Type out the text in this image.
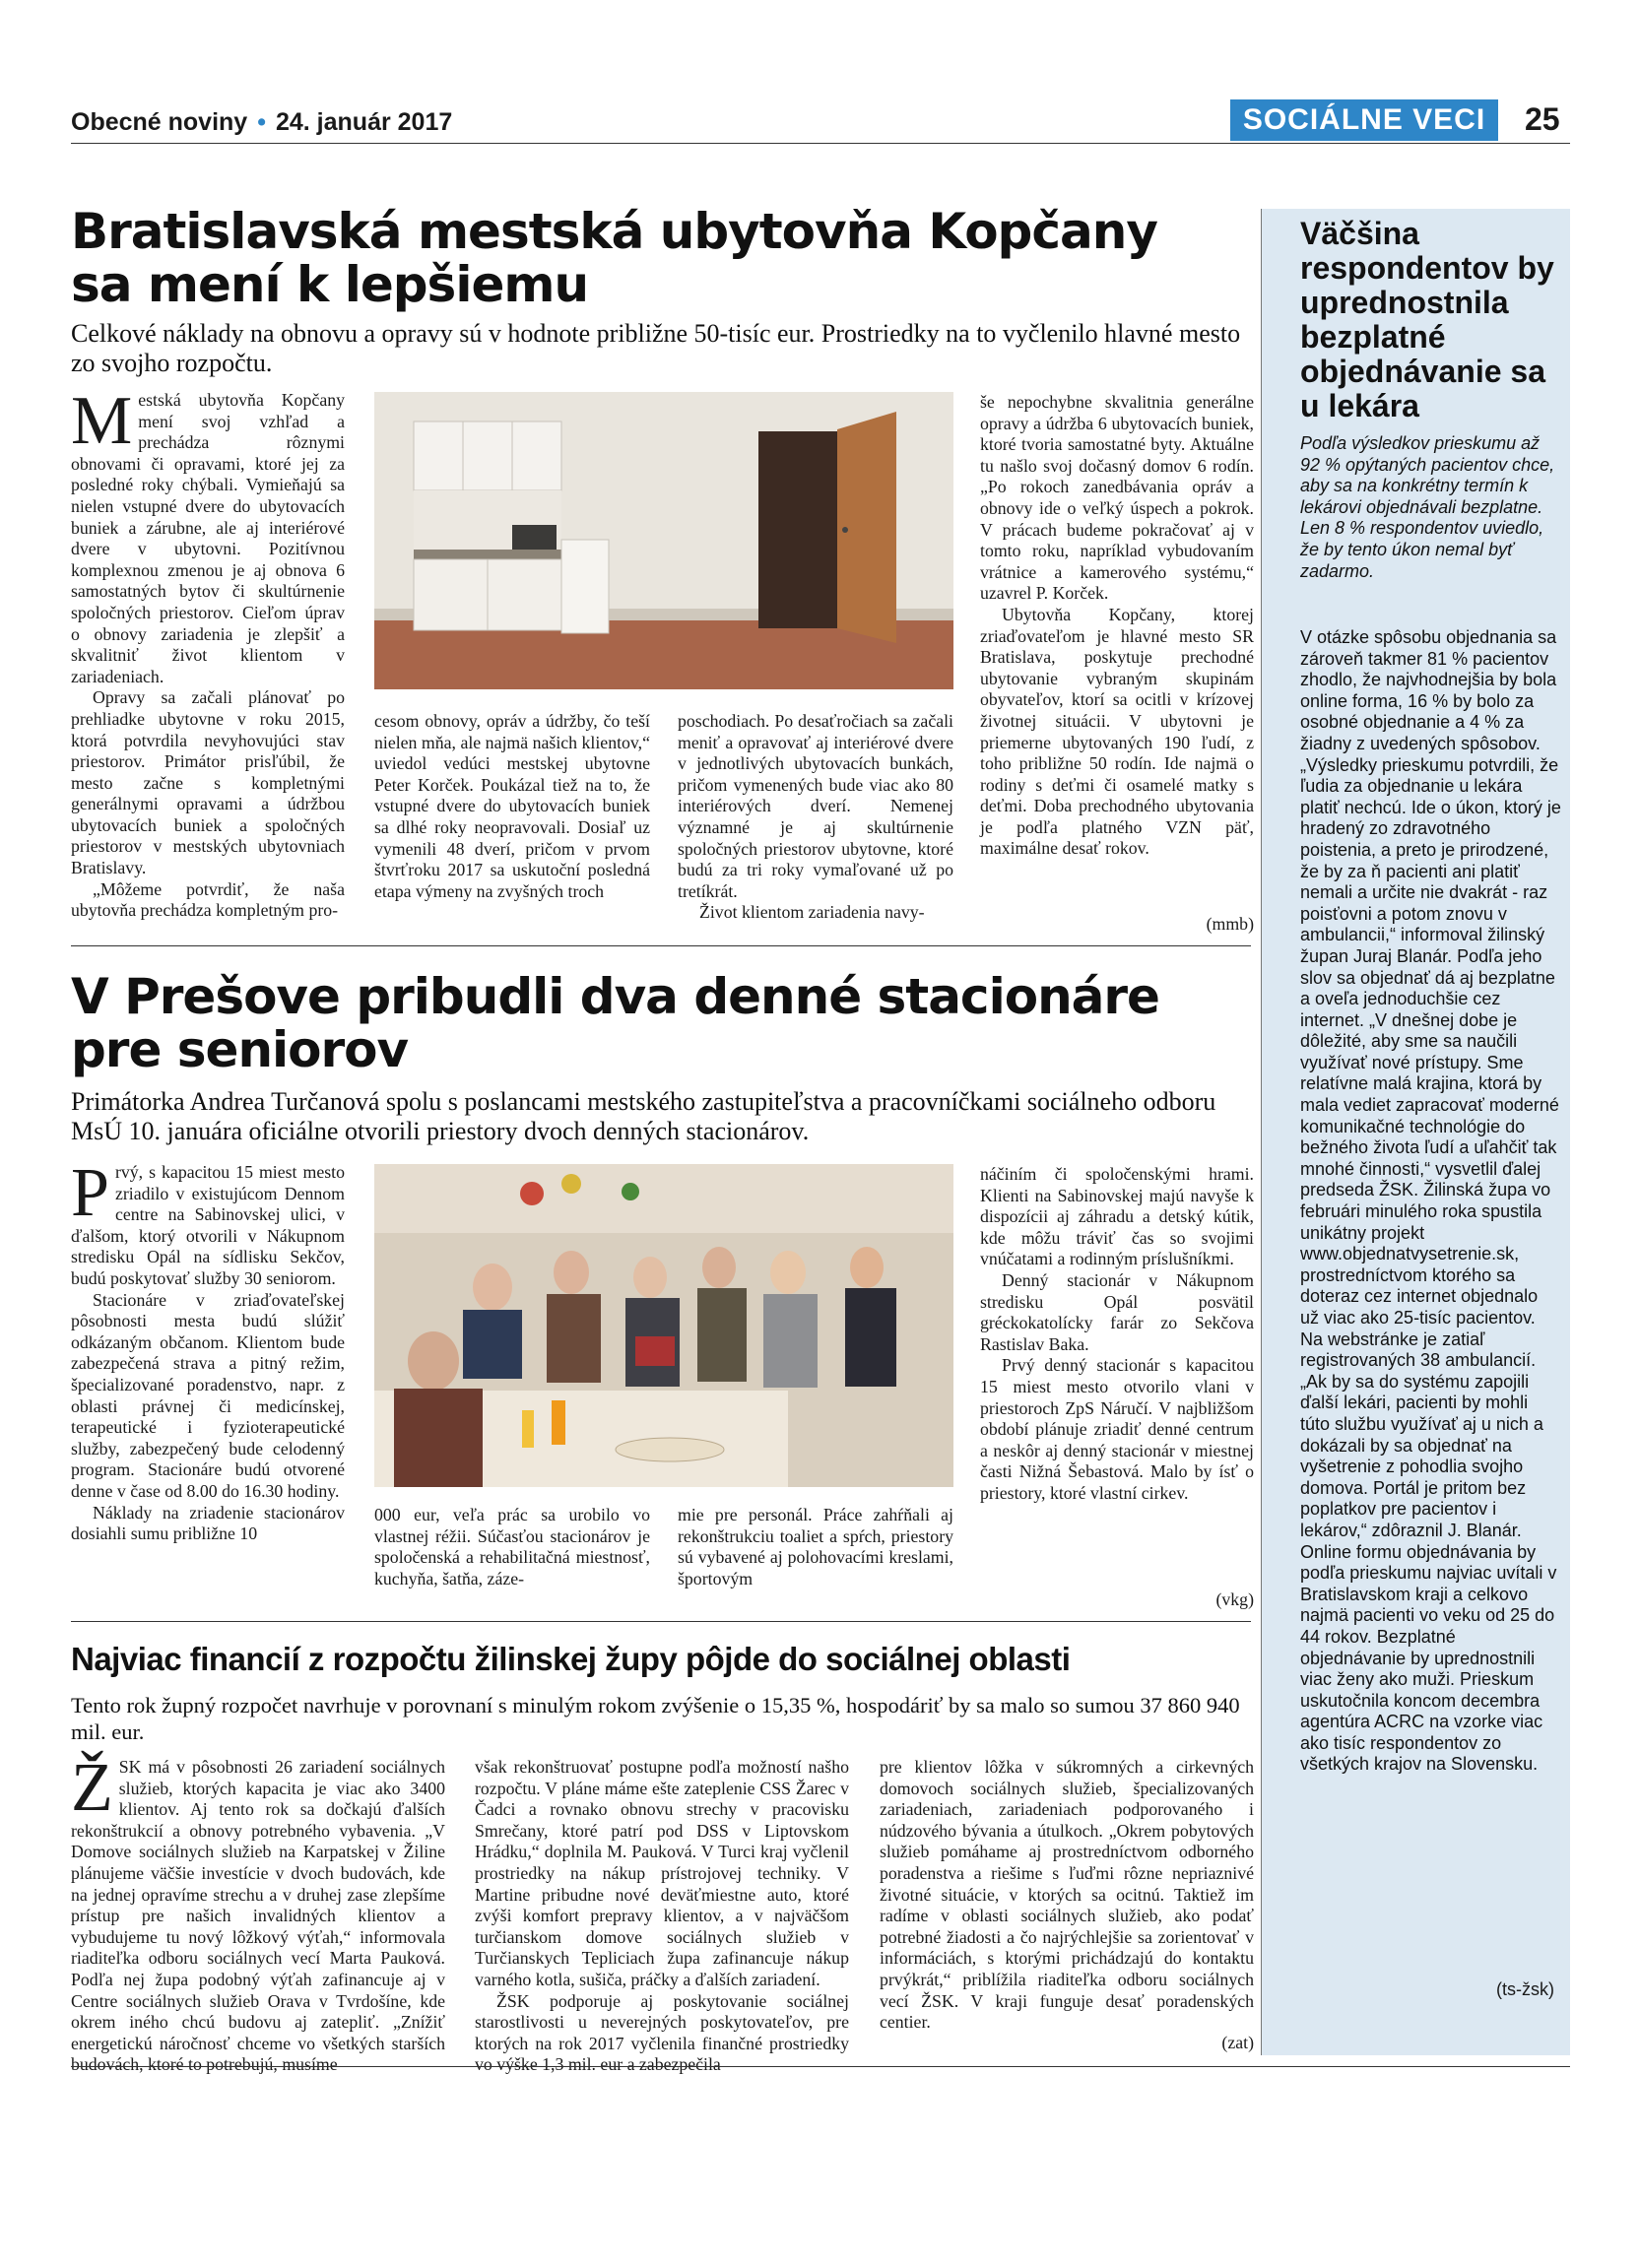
Obecné noviny • 24. január 2017	SOCIÁLNE VECI	25
Bratislavská mestská ubytovňa Kopčany
sa mení k lepšiemu
Celkové náklady na obnovu a opravy sú v hodnote približne 50-tisíc eur. Prostriedky na to vyčlenilo hlavné mesto zo svojho rozpočtu.

Mestská ubytovňa Kopčany mení svoj vzhľad a prechádza rôznymi obnovami či opravami, ktoré jej za posledné roky chýbali. Vymieňajú sa nielen vstupné dvere do ubytovacích buniek a zárubne, ale aj interiérové dvere v ubytovni. Pozitívnou komplexnou zmenou je aj obnova 6 samostatných bytov či skultúrnenie spoločných priestorov. Cieľom úprav o obnovy zariadenia je zlepšiť a skvalitniť život klientom v zariadeniach.

Opravy sa začali plánovať po prehliadke ubytovne v roku 2015, ktorá potvrdila nevyhovujúci stav priestorov. Primátor prisľúbil, že mesto začne s kompletnými generálnymi opravami a údržbou ubytovacích buniek a spoločných priestorov v mestských ubytovniach Bratislavy.

„Môžeme potvrdiť, že naša ubytovňa prechádza kompletným pro-

cesom obnovy, opráv a údržby, čo teší nielen mňa, ale najmä našich klientov,“ uviedol vedúci mestskej ubytovne Peter Korček. Poukázal tiež na to, že vstupné dvere do ubytovacích buniek sa dlhé roky neopravovali. Dosiaľ uz vymenili 48 dverí, pričom v prvom štvrťroku 2017 sa uskutoční posledná etapa výmeny na zvyšných troch

poschodiach. Po desaťročiach sa začali meniť a opravovať aj interiérové dvere v jednotlivých ubytovacích bunkách, pričom vymenených bude viac ako 80 interiérových dverí. Nemenej významné je aj skultúrnenie spoločných priestorov ubytovne, ktoré budú za tri roky vymaľované už po tretíkrát.

Život klientom zariadenia navy-

še nepochybne skvalitnia generálne opravy a údržba 6 ubytovacích buniek, ktoré tvoria samostatné byty. Aktuálne tu našlo svoj dočasný domov 6 rodín. „Po rokoch zanedbávania opráv a obnovy ide o veľký úspech a pokrok. V prácach budeme pokračovať aj v tomto roku, napríklad vybudovaním vrátnice a kamerového systému,“ uzavrel P. Korček.

Ubytovňa Kopčany, ktorej zriaďovateľom je hlavné mesto SR Bratislava, poskytuje prechodné ubytovanie vybraným skupinám obyvateľov, ktorí sa ocitli v krízovej životnej situácii. V ubytovni je priemerne ubytovaných 190 ľudí, z toho približne 50 rodín. Ide najmä o rodiny s deťmi či osamelé matky s deťmi. Doba prechodného ubytovania je podľa platného VZN päť, maximálne desať rokov.

(mmb)
V Prešove pribudli dva denné stacionáre
pre seniorov
Primátorka Andrea Turčanová spolu s poslancami mestského zastupiteľstva a pracovníčkami sociálneho odboru MsÚ 10. januára oficiálne otvorili priestory dvoch denných stacionárov.

Prvý, s kapacitou 15 miest mesto zriadilo v existujúcom Dennom centre na Sabinovskej ulici, v ďalšom, ktorý otvorili v Nákupnom stredisku Opál na sídlisku Sekčov, budú poskytovať služby 30 seniorom.

Stacionáre v zriaďovateľskej pôsobnosti mesta budú slúžiť odkázaným občanom. Klientom bude zabezpečená strava a pitný režim, špecializované poradenstvo, napr. z oblasti právnej či medicínskej, terapeutické i fyzioterapeutické služby, zabezpečený bude celodenný program. Stacionáre budú otvorené denne v čase od 8.00 do 16.30 hodiny.

Náklady na zriadenie stacionárov dosiahli sumu približne 10

000 eur, veľa prác sa urobilo vo vlastnej réžii. Súčasťou stacionárov je spoločenská a rehabilitačná miestnosť, kuchyňa, šatňa, záze-

mie pre personál. Práce zahŕňali aj rekonštrukciu toaliet a spŕch, priestory sú vybavené aj polohovacími kreslami, športovým

náčiním či spoločenskými hrami. Klienti na Sabinovskej majú navyše k dispozícii aj záhradu a detský kútik, kde môžu tráviť čas so svojimi vnúčatami a rodinným príslušníkmi.

Denný stacionár v Nákupnom stredisku Opál posvätil gréckokatolícky farár zo Sekčova Rastislav Baka.

Prvý denný stacionár s kapacitou 15 miest mesto otvorilo vlani v priestoroch ZpS Náručí. V najbližšom období plánuje zriadiť denné centrum a neskôr aj denný stacionár v miestnej časti Nižná Šebastová. Malo by ísť o priestory, ktoré vlastní cirkev.

(vkg)
Najviac financií z rozpočtu žilinskej župy pôjde do sociálnej oblasti
Tento rok župný rozpočet navrhuje v porovnaní s minulým rokom zvýšenie o 15,35 %, hospodáriť by sa malo so sumou 37 860 940 mil. eur.

ŽSK má v pôsobnosti 26 zariadení sociálnych služieb, ktorých kapacita je viac ako 3400 klientov. Aj tento rok sa dočkajú ďalších rekonštrukcií a obnovy potrebného vybavenia. „V Domove sociálnych služieb na Karpatskej v Žiline plánujeme väčšie investície v dvoch budovách, kde na jednej opravíme strechu a v druhej zase zlepšíme prístup pre našich invalidných klientov a vybudujeme tu nový lôžkový výťah,“ informovala riaditeľka odboru sociálnych vecí Marta Pauková. Podľa nej župa podobný výťah zafinancuje aj v Centre sociálnych služieb Orava v Tvrdošíne, kde okrem iného chcú budovu aj zatepliť. „Znížiť energetickú náročnosť chceme vo všetkých starších budovách, ktoré to potrebujú, musíme

však rekonštruovať postupne podľa možností našho rozpočtu. V pláne máme ešte zateplenie CSS Žarec v Čadci a rovnako obnovu strechy v pracovisku Smrečany, ktoré patrí pod DSS v Liptovskom Hrádku,“ doplnila M. Pauková. V Turci kraj vyčlenil prostriedky na nákup prístrojovej techniky. V Martine pribudne nové deväťmiestne auto, ktoré zvýši komfort prepravy klientov, a v najväčšom turčianskom domove sociálnych služieb v Turčianskych Tepliciach župa zafinancuje nákup varného kotla, sušiča, práčky a ďalších zariadení.

ŽSK podporuje aj poskytovanie sociálnej starostlivosti u neverejných poskytovateľov, pre ktorých na rok 2017 vyčlenila finančné prostriedky vo výške 1,3 mil. eur a zabezpečila

pre klientov lôžka v súkromných a cirkevných domovoch sociálnych služieb, špecializovaných zariadeniach, zariadeniach podporovaného i núdzového bývania a útulkoch. „Okrem pobytových služieb pomáhame aj prostredníctvom odborného poradenstva a riešime s ľuďmi rôzne nepriaznivé životné situácie, v ktorých sa ocitnú. Taktiež im radíme v oblasti sociálnych služieb, ako podať potrebné žiadosti a čo najrýchlejšie sa zorientovať v informáciách, s ktorými prichádzajú do kontaktu prvýkrát,“ priblížila riaditeľka odboru sociálnych vecí ŽSK. V kraji funguje desať poradenských centier.

(zat)
Väčšina respondentov by uprednostnila bezplatné objednávanie sa u lekára
Podľa výsledkov prieskumu až 92 % opýtaných pacientov chce, aby sa na konkrétny termín k lekárovi objednávali bezplatne. Len 8 % respondentov uviedlo, že by tento úkon nemal byť zadarmo.

V otázke spôsobu objednania sa zároveň takmer 81 % pacientov zhodlo, že najvhodnejšia by bola online forma, 16 % by bolo za osobné objednanie a 4 % za žiadny z uvedených spôsobov.

„Výsledky prieskumu potvrdili, že ľudia za objednanie u lekára platiť nechcú. Ide o úkon, ktorý je hradený zo zdravotného poistenia, a preto je prirodzené, že by za ň pacienti ani platiť nemali a určite nie dvakrát - raz poisťovni a potom znovu v ambulancii,“ informoval žilinský župan Juraj Blanár. Podľa jeho slov sa objednať dá aj bezplatne a oveľa jednoduchšie cez internet. „V dnešnej dobe je dôležité, aby sme sa naučili využívať nové prístupy. Sme relatívne malá krajina, ktorá by mala vediet zapracovať moderné komunikačné technológie do bežného života ľudí a uľahčiť tak mnohé činnosti,“ vysvetlil ďalej predseda ŽSK. Žilinská župa vo februári minulého roka spustila unikátny projekt www.objednatvysetrenie.sk, prostredníctvom ktorého sa doteraz cez internet objednalo už viac ako 25-tisíc pacientov. Na webstránke je zatiaľ registrovaných 38 ambulancií. „Ak by sa do systému zapojili ďalší lekári, pacienti by mohli túto službu využívať aj u nich a dokázali by sa objednať na vyšetrenie z pohodlia svojho domova. Portál je pritom bez poplatkov pre pacientov i lekárov,“ zdôraznil J. Blanár.

Online formu objednávania by podľa prieskumu najviac uvítali v Bratislavskom kraji a celkovo najmä pacienti vo veku od 25 do 44 rokov. Bezplatné objednávanie by uprednostnili viac ženy ako muži. Prieskum uskutočnila koncom decembra agentúra ACRC na vzorke viac ako tisíc respondentov zo všetkých krajov na Slovensku.

(ts-žsk)
